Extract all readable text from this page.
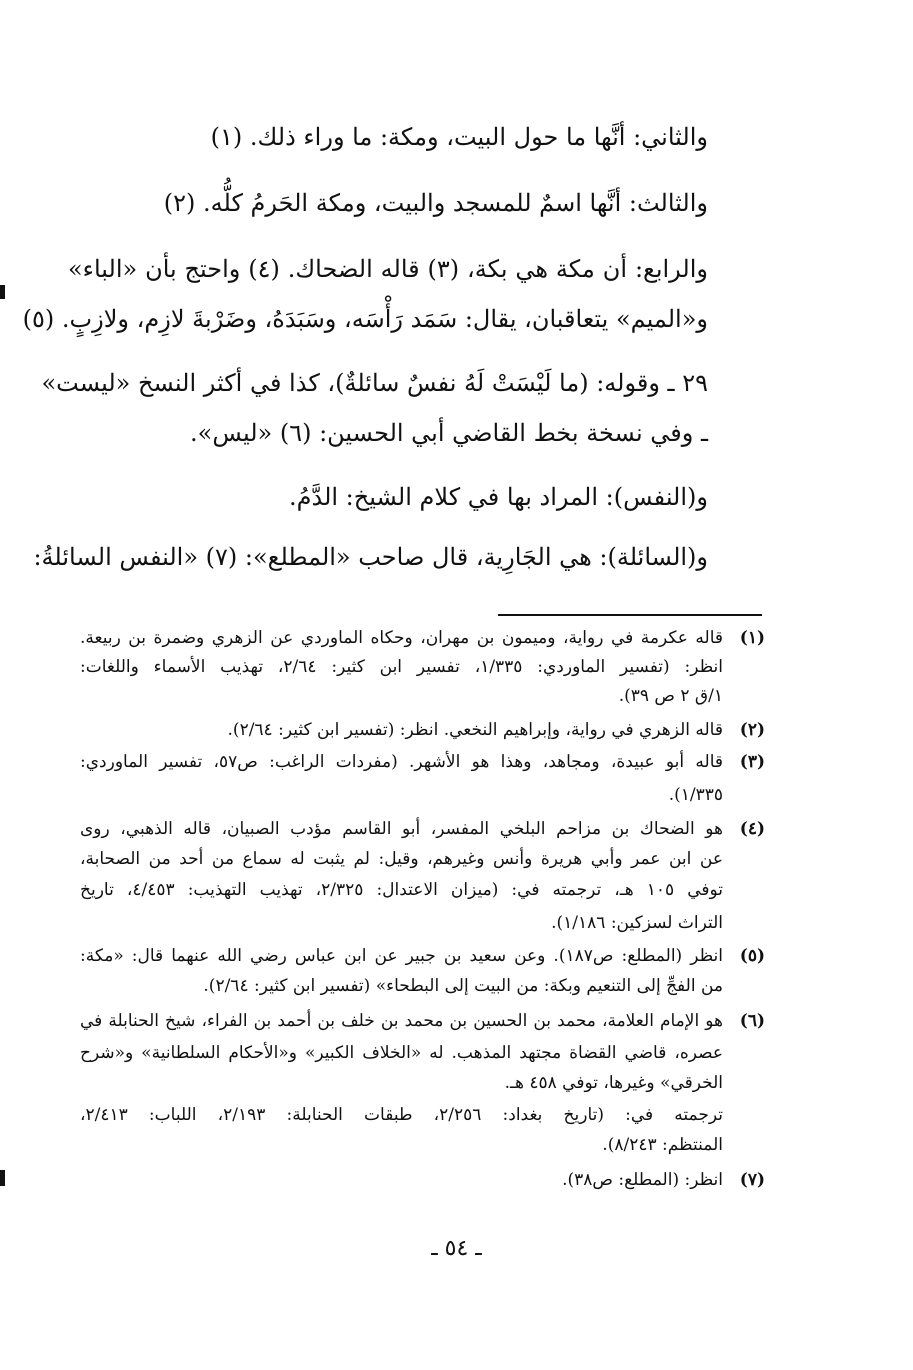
والثاني: أنَّها ما حول البيت، ومكة: ما وراء ذلك. (١)
والثالث: أنَّها اسمٌ للمسجد والبيت، ومكة الحَرمُ كلُّه. (٢)
والرابع: أن مكة هي بكة، (٣) قاله الضحاك. (٤) واحتج بأن «الباء»
و«الميم» يتعاقبان، يقال: سَمَد رَأْسَه، وسَبَدَهُ، وضَرْبةَ لازِم، ولازِبٍ. (٥)
٢٩ ـ وقوله: (ما لَيْسَتْ لَهُ نفسٌ سائلةٌ)، كذا في أكثر النسخ «ليست»
ـ وفي نسخة بخط القاضي أبي الحسين: (٦) «ليس».
و(النفس): المراد بها في كلام الشيخ: الدَّمُ.
و(السائلة): هي الجَارِية، قال صاحب «المطلع»: (٧) «النفس السائلةُ:
(١)
قاله عكرمة في رواية، وميمون بن مهران، وحكاه الماوردي عن الزهري وضمرة بن ربيعة.
انظر: (تفسير الماوردي: ١/٣٣٥، تفسير ابن كثير: ٢/٦٤، تهذيب الأسماء واللغات:
١/ق ٢ ص ٣٩).
(٢)
قاله الزهري في رواية، وإبراهيم النخعي. انظر: (تفسير ابن كثير: ٢/٦٤).
(٣)
قاله أبو عبيدة، ومجاهد، وهذا هو الأشهر. (مفردات الراغب: ص٥٧، تفسير الماوردي:
١/٣٣٥).
(٤)
هو الضحاك بن مزاحم البلخي المفسر، أبو القاسم مؤدب الصبيان، قاله الذهبي، روى
عن ابن عمر وأبي هريرة وأنس وغيرهم، وقيل: لم يثبت له سماع من أحد من الصحابة،
توفي ١٠٥ هـ، ترجمته في: (ميزان الاعتدال: ٢/٣٢٥، تهذيب التهذيب: ٤/٤٥٣، تاريخ
التراث لسزكين: ١/١٨٦).
(٥)
انظر (المطلع: ص١٨٧). وعن سعيد بن جبير عن ابن عباس رضي الله عنهما قال: «مكة:
من الفجِّ إلى التنعيم وبكة: من البيت إلى البطحاء» (تفسير ابن كثير: ٢/٦٤).
(٦)
هو الإمام العلامة، محمد بن الحسين بن محمد بن خلف بن أحمد بن الفراء، شيخ الحنابلة في
عصره، قاضي القضاة مجتهد المذهب. له «الخلاف الكبير» و«الأحكام السلطانية» و«شرح
الخرقي» وغيرها، توفي ٤٥٨ هـ.
ترجمته في: (تاريخ بغداد: ٢/٢٥٦، طبقات الحنابلة: ٢/١٩٣، اللباب: ٢/٤١٣،
المنتظم: ٨/٢٤٣).
(٧)
انظر: (المطلع: ص٣٨).
ـ ٥٤ ـ
